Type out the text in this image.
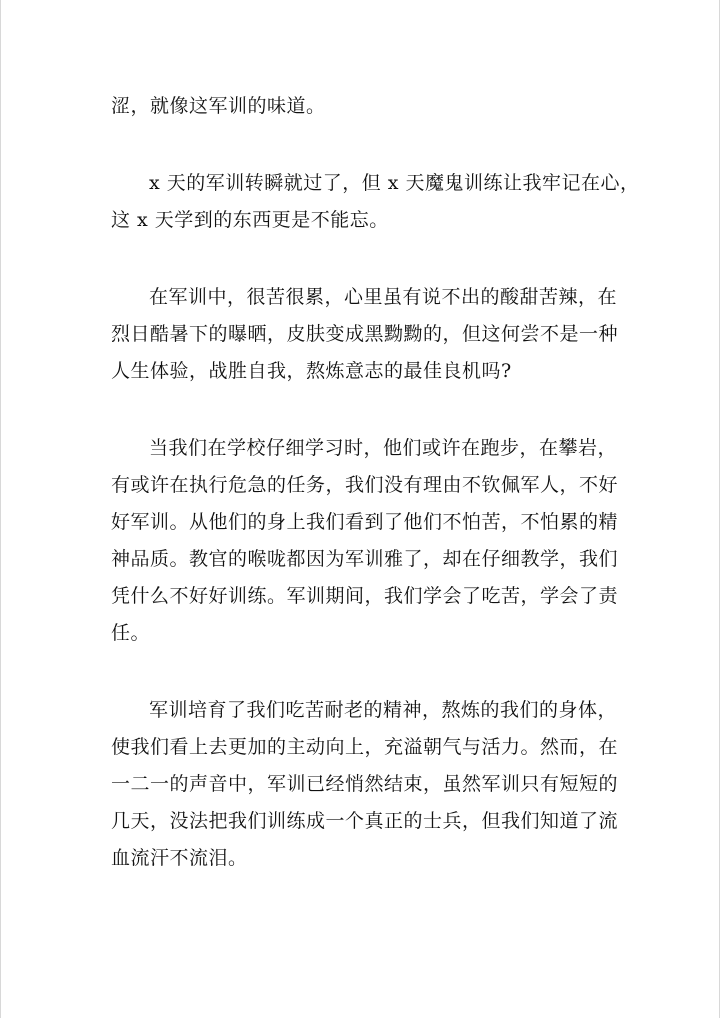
涩，就像这军训的味道。
x 天的军训转瞬就过了，但 x 天魔鬼训练让我牢记在心，
这 x 天学到的东西更是不能忘。
在军训中，很苦很累，心里虽有说不出的酸甜苦辣，在
烈日酷暑下的曝晒，皮肤变成黑黝黝的，但这何尝不是一种
人生体验，战胜自我，熬炼意志的最佳良机吗?
当我们在学校仔细学习时，他们或许在跑步，在攀岩，
有或许在执行危急的任务，我们没有理由不钦佩军人，不好
好军训。从他们的身上我们看到了他们不怕苦，不怕累的精
神品质。教官的喉咙都因为军训雅了，却在仔细教学，我们
凭什么不好好训练。军训期间，我们学会了吃苦，学会了责
任。
军训培育了我们吃苦耐老的精神，熬炼的我们的身体，
使我们看上去更加的主动向上，充溢朝气与活力。然而，在
一二一的声音中，军训已经悄然结束，虽然军训只有短短的
几天，没法把我们训练成一个真正的士兵，但我们知道了流
血流汗不流泪。
